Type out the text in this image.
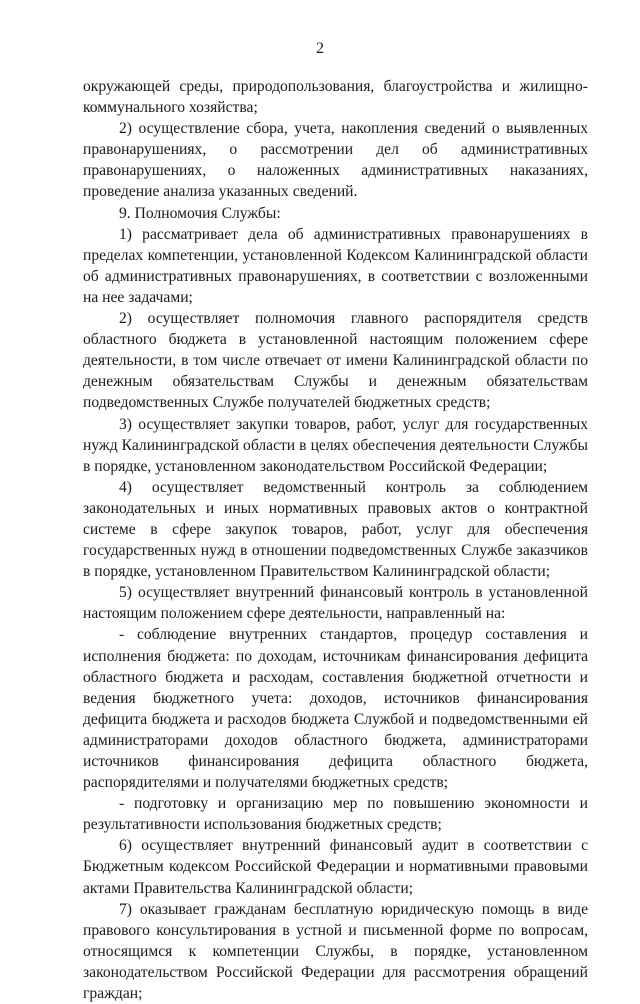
2

окружающей среды, природопользования, благоустройства и жилищно-коммунального хозяйства;

2) осуществление сбора, учета, накопления сведений о выявленных правонарушениях, о рассмотрении дел об административных правонарушениях, о наложенных административных наказаниях, проведение анализа указанных сведений.

9. Полномочия Службы:

1) рассматривает дела об административных правонарушениях в пределах компетенции, установленной Кодексом Калининградской области об административных правонарушениях, в соответствии с возложенными на нее задачами;

2) осуществляет полномочия главного распорядителя средств областного бюджета в установленной настоящим положением сфере деятельности, в том числе отвечает от имени Калининградской области по денежным обязательствам Службы и денежным обязательствам подведомственных Службе получателей бюджетных средств;

3) осуществляет закупки товаров, работ, услуг для государственных нужд Калининградской области в целях обеспечения деятельности Службы в порядке, установленном законодательством Российской Федерации;

4) осуществляет ведомственный контроль за соблюдением законодательных и иных нормативных правовых актов о контрактной системе в сфере закупок товаров, работ, услуг для обеспечения государственных нужд в отношении подведомственных Службе заказчиков в порядке, установленном Правительством Калининградской области;

5) осуществляет внутренний финансовый контроль в установленной настоящим положением сфере деятельности, направленный на:

- соблюдение внутренних стандартов, процедур составления и исполнения бюджета: по доходам, источникам финансирования дефицита областного бюджета и расходам, составления бюджетной отчетности и ведения бюджетного учета: доходов, источников финансирования дефицита бюджета и расходов бюджета Службой и подведомственными ей администраторами доходов областного бюджета, администраторами источников финансирования дефицита областного бюджета, распорядителями и получателями бюджетных средств;

- подготовку и организацию мер по повышению экономности и результативности использования бюджетных средств;

6) осуществляет внутренний финансовый аудит в соответствии с Бюджетным кодексом Российской Федерации и нормативными правовыми актами Правительства Калининградской области;

7) оказывает гражданам бесплатную юридическую помощь в виде правового консультирования в устной и письменной форме по вопросам, относящимся к компетенции Службы, в порядке, установленном законодательством Российской Федерации для рассмотрения обращений граждан;
